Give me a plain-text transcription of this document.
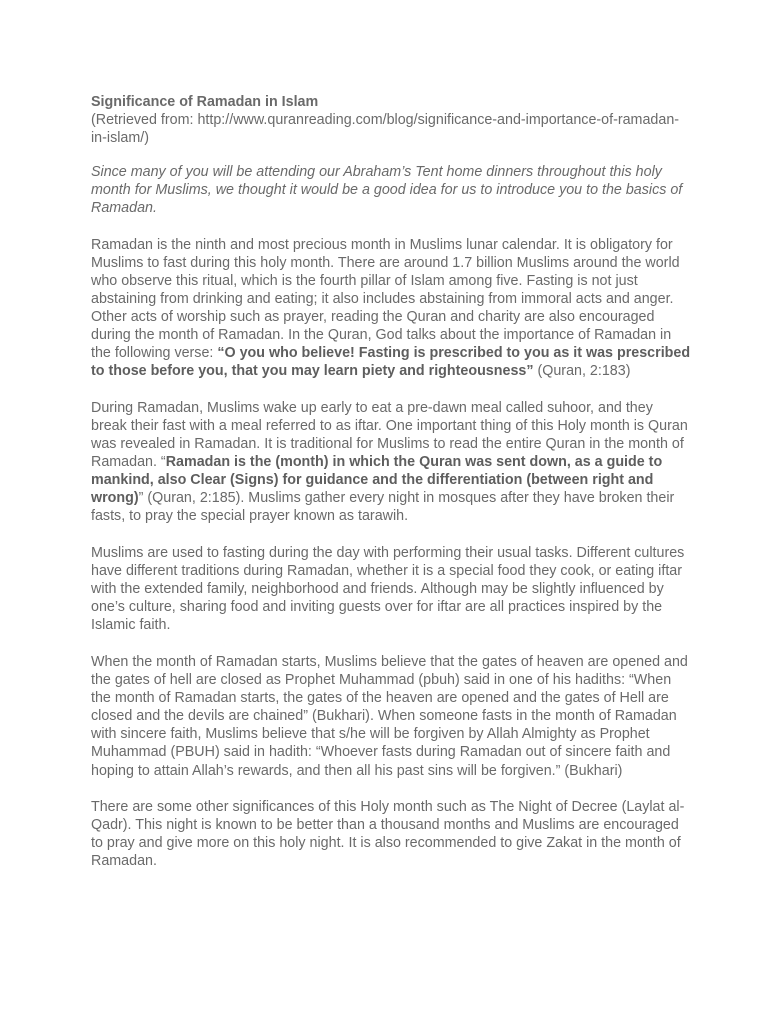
Significance of Ramadan in Islam
(Retrieved from: http://www.quranreading.com/blog/significance-and-importance-of-ramadan-in-islam/)

Since many of you will be attending our Abraham’s Tent home dinners throughout this holy month for Muslims, we thought it would be a good idea for us to introduce you to the basics of Ramadan.

Ramadan is the ninth and most precious month in Muslims lunar calendar. It is obligatory for Muslims to fast during this holy month. There are around 1.7 billion Muslims around the world who observe this ritual, which is the fourth pillar of Islam among five. Fasting is not just abstaining from drinking and eating; it also includes abstaining from immoral acts and anger. Other acts of worship such as prayer, reading the Quran and charity are also encouraged during the month of Ramadan. In the Quran, God talks about the importance of Ramadan in the following verse: “O you who believe! Fasting is prescribed to you as it was prescribed to those before you, that you may learn piety and righteousness” (Quran, 2:183)

During Ramadan, Muslims wake up early to eat a pre-dawn meal called suhoor, and they break their fast with a meal referred to as iftar. One important thing of this Holy month is Quran was revealed in Ramadan. It is traditional for Muslims to read the entire Quran in the month of Ramadan. “Ramadan is the (month) in which the Quran was sent down, as a guide to mankind, also Clear (Signs) for guidance and the differentiation (between right and wrong)” (Quran, 2:185). Muslims gather every night in mosques after they have broken their fasts, to pray the special prayer known as tarawih.

Muslims are used to fasting during the day with performing their usual tasks. Different cultures have different traditions during Ramadan, whether it is a special food they cook, or eating iftar with the extended family, neighborhood and friends. Although may be slightly influenced by one’s culture, sharing food and inviting guests over for iftar are all practices inspired by the Islamic faith.

When the month of Ramadan starts, Muslims believe that the gates of heaven are opened and the gates of hell are closed as Prophet Muhammad (pbuh) said in one of his hadiths: “When the month of Ramadan starts, the gates of the heaven are opened and the gates of Hell are closed and the devils are chained” (Bukhari). When someone fasts in the month of Ramadan with sincere faith, Muslims believe that s/he will be forgiven by Allah Almighty as Prophet Muhammad (PBUH) said in hadith: “Whoever fasts during Ramadan out of sincere faith and hoping to attain Allah’s rewards, and then all his past sins will be forgiven.” (Bukhari)

There are some other significances of this Holy month such as The Night of Decree (Laylat al- Qadr). This night is known to be better than a thousand months and Muslims are encouraged to pray and give more on this holy night. It is also recommended to give Zakat in the month of Ramadan.
